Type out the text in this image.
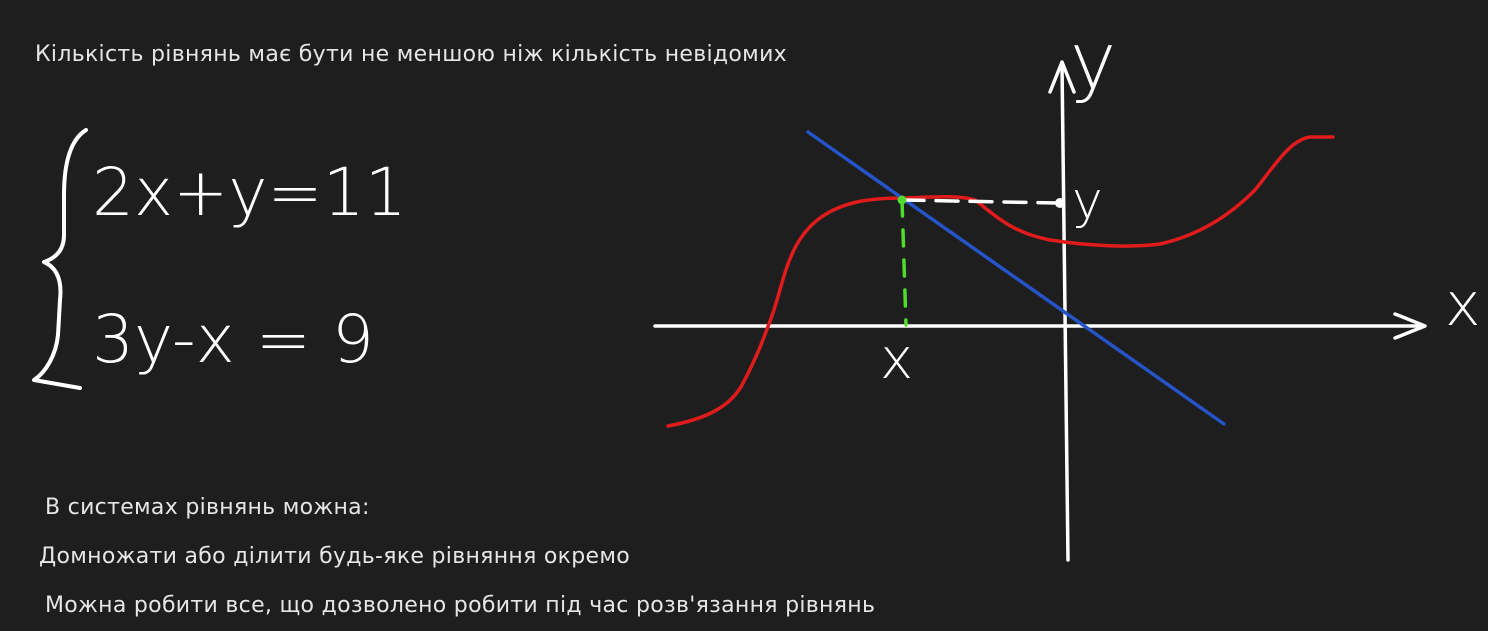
Кількість рівнянь має бути не меншою ніж кількість невідомих

В системах рівнянь можна:

Домножати або ділити будь-яке рівняння окремо

Можна робити все, що дозволено робити під час розв'язання рівнянь

2x+y=11
3y-x = 9
y
x
y
x
